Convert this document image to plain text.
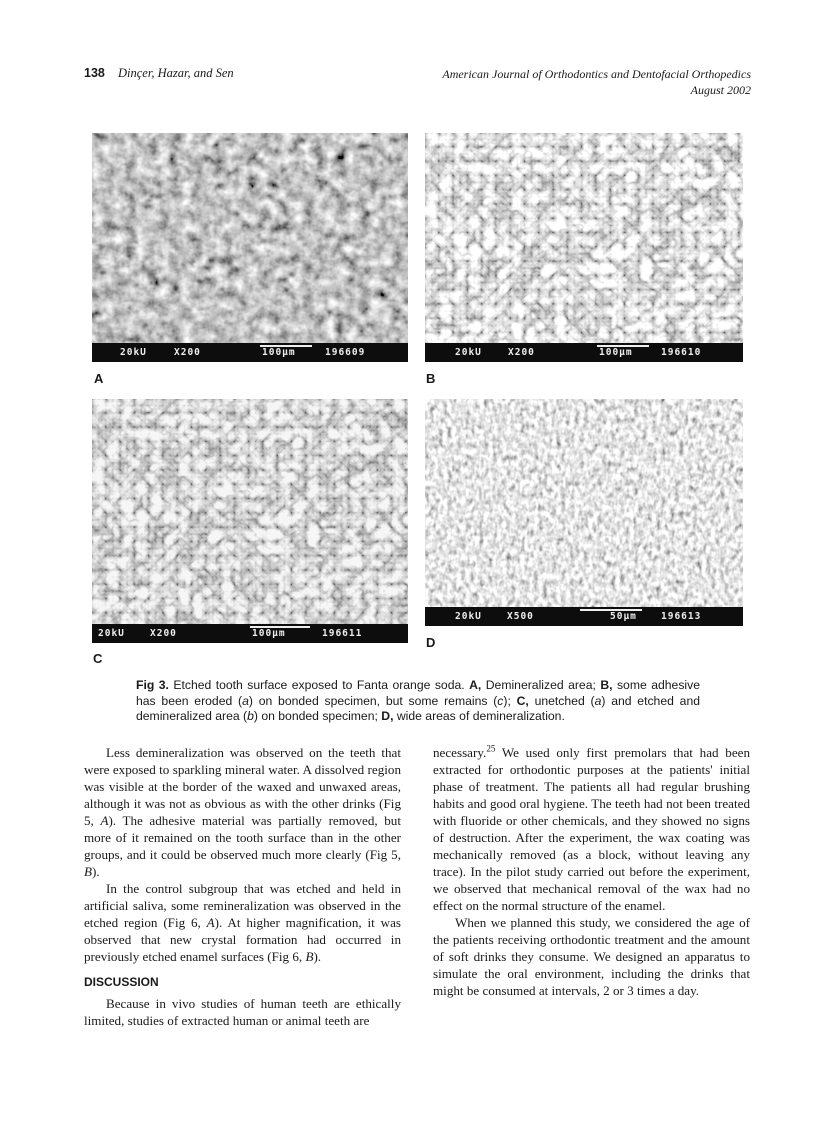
138 Dinçer, Hazar, and Sen	American Journal of Orthodontics and Dentofacial Orthopedics
August 2002
20kU	X200	100µm	196609
A
20kU	X200	100µm	196610
B
20kU	X200	100µm	196611
C
20kU	X500	50µm	196613
D
Fig 3. Etched tooth surface exposed to Fanta orange soda. A, Demineralized area; B, some adhesive has been eroded (a) on bonded specimen, but some remains (c); C, unetched (a) and etched and demineralized area (b) on bonded specimen; D, wide areas of demineralization.

Less demineralization was observed on the teeth that were exposed to sparkling mineral water. A dissolved region was visible at the border of the waxed and unwaxed areas, although it was not as obvious as with the other drinks (Fig 5, A). The adhesive material was partially removed, but more of it remained on the tooth surface than in the other groups, and it could be observed much more clearly (Fig 5, B).

In the control subgroup that was etched and held in artificial saliva, some remineralization was observed in the etched region (Fig 6, A). At higher magnification, it was observed that new crystal formation had occurred in previously etched enamel surfaces (Fig 6, B).

DISCUSSION

Because in vivo studies of human teeth are ethically limited, studies of extracted human or animal teeth are

necessary.$^{25}$ We used only first premolars that had been extracted for orthodontic purposes at the patients' initial phase of treatment. The patients all had regular brushing habits and good oral hygiene. The teeth had not been treated with fluoride or other chemicals, and they showed no signs of destruction. After the experiment, the wax coating was mechanically removed (as a block, without leaving any trace). In the pilot study carried out before the experiment, we observed that mechanical removal of the wax had no effect on the normal structure of the enamel.

When we planned this study, we considered the age of the patients receiving orthodontic treatment and the amount of soft drinks they consume. We designed an apparatus to simulate the oral environment, including the drinks that might be consumed at intervals, 2 or 3 times a day.
